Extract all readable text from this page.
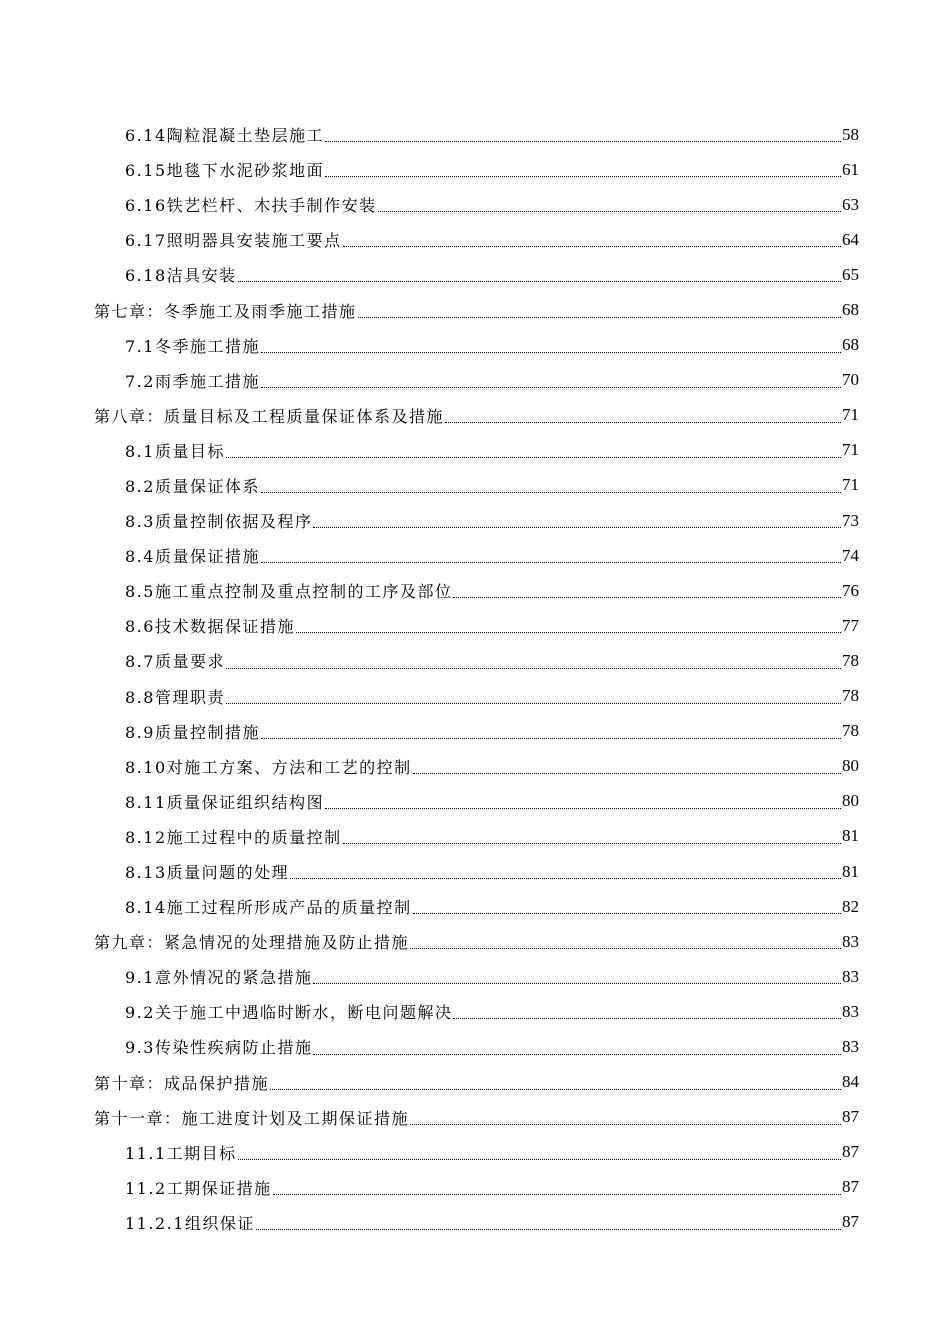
6.14陶粒混凝土垫层施工	58
6.15地毯下水泥砂浆地面	61
6.16铁艺栏杆、木扶手制作安装	63
6.17照明器具安装施工要点	64
6.18洁具安装	65
第七章：冬季施工及雨季施工措施	68
7.1冬季施工措施	68
7.2雨季施工措施	70
第八章：质量目标及工程质量保证体系及措施	71
8.1质量目标	71
8.2质量保证体系	71
8.3质量控制依据及程序	73
8.4质量保证措施	74
8.5施工重点控制及重点控制的工序及部位	76
8.6技术数据保证措施	77
8.7质量要求	78
8.8管理职责	78
8.9质量控制措施	78
8.10对施工方案、方法和工艺的控制	80
8.11质量保证组织结构图	80
8.12施工过程中的质量控制	81
8.13质量问题的处理	81
8.14施工过程所形成产品的质量控制	82
第九章：紧急情况的处理措施及防止措施	83
9.1意外情况的紧急措施	83
9.2关于施工中遇临时断水，断电问题解决	83
9.3传染性疾病防止措施	83
第十章：成品保护措施	84
第十一章：施工进度计划及工期保证措施	87
11.1工期目标	87
11.2工期保证措施	87
11.2.1组织保证	87
